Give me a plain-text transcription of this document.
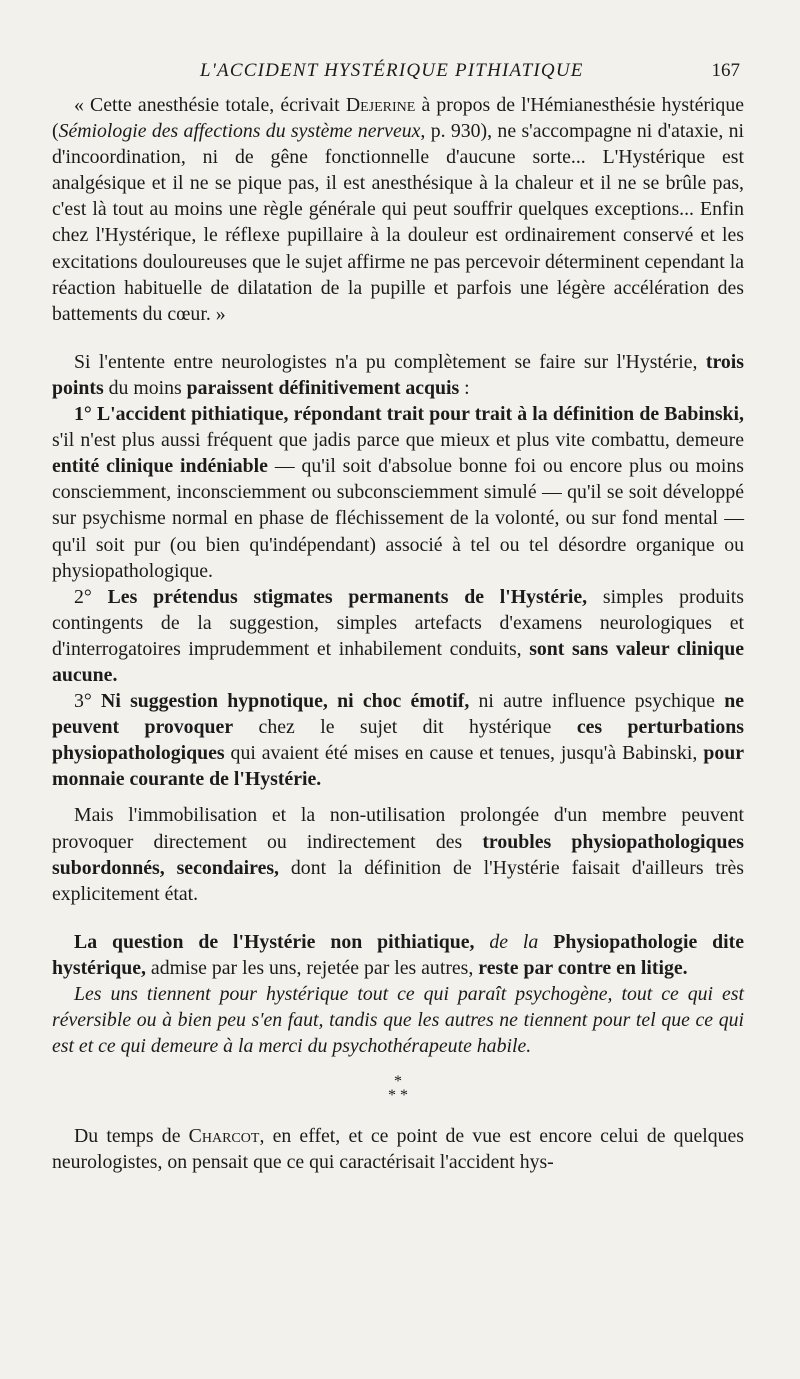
L'ACCIDENT HYSTÉRIQUE PITHIATIQUE	167

« Cette anesthésie totale, écrivait Dejerine à propos de l'Hémianesthésie hystérique (Sémiologie des affections du système nerveux, p. 930), ne s'accompagne ni d'ataxie, ni d'incoordination, ni de gêne fonctionnelle d'aucune sorte... L'Hystérique est analgésique et il ne se pique pas, il est anesthésique à la chaleur et il ne se brûle pas, c'est là tout au moins une règle générale qui peut souffrir quelques exceptions... Enfin chez l'Hystérique, le réflexe pupillaire à la douleur est ordinairement conservé et les excitations douloureuses que le sujet affirme ne pas percevoir déterminent cependant la réaction habituelle de dilatation de la pupille et parfois une légère accélération des battements du cœur. »

Si l'entente entre neurologistes n'a pu complètement se faire sur l'Hystérie, trois points du moins paraissent définitivement acquis :

1° L'accident pithiatique, répondant trait pour trait à la définition de Babinski, s'il n'est plus aussi fréquent que jadis parce que mieux et plus vite combattu, demeure entité clinique indéniable — qu'il soit d'absolue bonne foi ou encore plus ou moins consciemment, inconsciemment ou subconsciemment simulé — qu'il se soit développé sur psychisme normal en phase de fléchissement de la volonté, ou sur fond mental — qu'il soit pur (ou bien qu'indépendant) associé à tel ou tel désordre organique ou physiopathologique.

2° Les prétendus stigmates permanents de l'Hystérie, simples produits contingents de la suggestion, simples artefacts d'examens neurologiques et d'interrogatoires imprudemment et inhabilement conduits, sont sans valeur clinique aucune.

3° Ni suggestion hypnotique, ni choc émotif, ni autre influence psychique ne peuvent provoquer chez le sujet dit hystérique ces perturbations physiopathologiques qui avaient été mises en cause et tenues, jusqu'à Babinski, pour monnaie courante de l'Hystérie.

Mais l'immobilisation et la non-utilisation prolongée d'un membre peuvent provoquer directement ou indirectement des troubles physiopathologiques subordonnés, secondaires, dont la définition de l'Hystérie faisait d'ailleurs très explicitement état.

La question de l'Hystérie non pithiatique, de la Physiopathologie dite hystérique, admise par les uns, rejetée par les autres, reste par contre en litige.

Les uns tiennent pour hystérique tout ce qui paraît psychogène, tout ce qui est réversible ou à bien peu s'en faut, tandis que les autres ne tiennent pour tel que ce qui est et ce qui demeure à la merci du psychothérapeute habile.

*
* *

Du temps de Charcot, en effet, et ce point de vue est encore celui de quelques neurologistes, on pensait que ce qui caractérisait l'accident hys-
